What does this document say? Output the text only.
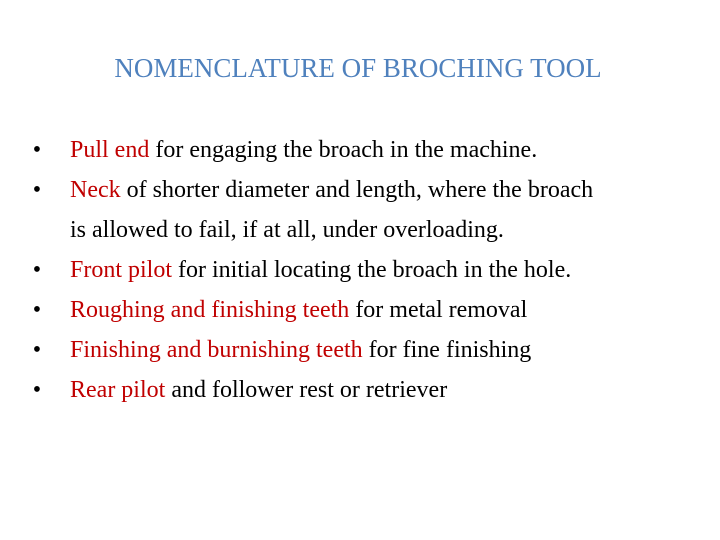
NOMENCLATURE OF BROCHING TOOL
• Pull end for engaging the broach in the machine.
• Neck of shorter diameter and length, where the broach
is allowed to fail, if at all, under overloading.
• Front pilot for initial locating the broach in the hole.
• Roughing and finishing teeth for metal removal
• Finishing and burnishing teeth for fine finishing
• Rear pilot and follower rest or retriever
